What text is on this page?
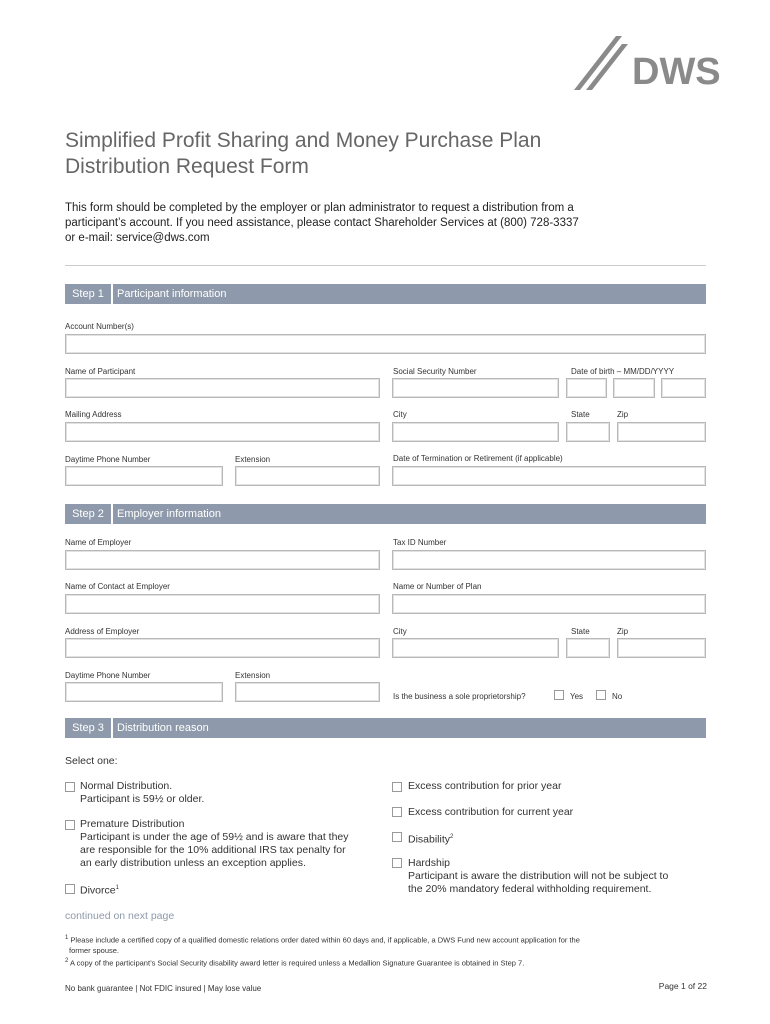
DWS
Simplified Profit Sharing and Money Purchase Plan
Distribution Request Form
This form should be completed by the employer or plan administrator to request a distribution from a
participant’s account. If you need assistance, please contact Shareholder Services at (800) 728-3337
or e-mail: service@dws.com
Step 1	Participant information
Account Number(s)
Name of Participant	Social Security Number	Date of birth – MM/DD/YYYY
Mailing Address	City	State	Zip
Daytime Phone Number	Extension	Date of Termination or Retirement (if applicable)
Step 2	Employer information
Name of Employer	Tax ID Number
Name of Contact at Employer	Name or Number of Plan
Address of Employer	City	State	Zip
Daytime Phone Number	Extension
Is the business a sole proprietorship?	Yes	No
Step 3	Distribution reason
Select one:
Normal Distribution.
Participant is 59½ or older.
Premature Distribution
Participant is under the age of 59½ and is aware that they
are responsible for the 10% additional IRS tax penalty for
an early distribution unless an exception applies.
Divorce$^1$
Excess contribution for prior year
Excess contribution for current year
Disability$^2$
Hardship
Participant is aware the distribution will not be subject to
the 20% mandatory federal withholding requirement.
continued on next page
$^1$ Please include a certified copy of a qualified domestic relations order dated within 60 days and, if applicable, a DWS Fund new account application for the
former spouse.
$^2$ A copy of the participant’s Social Security disability award letter is required unless a Medallion Signature Guarantee is obtained in Step 7.
No bank guarantee | Not FDIC insured | May lose value	Page 1 of 22
